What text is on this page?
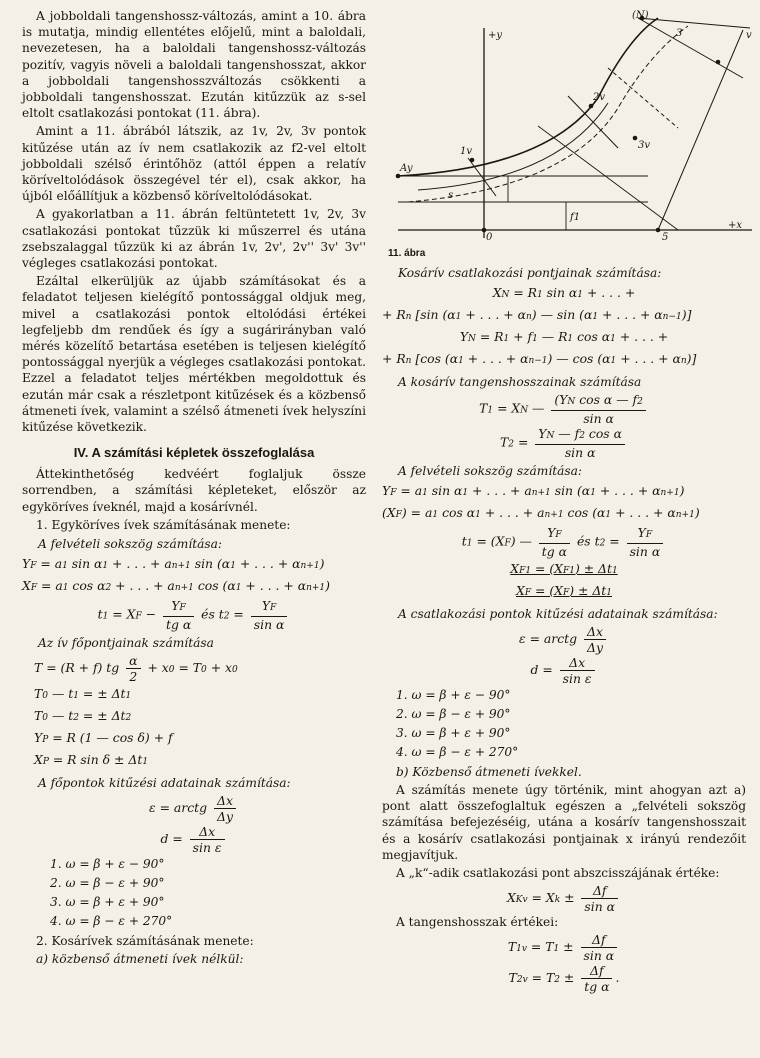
A jobboldali tangenshossz-változás, amint a 10. ábra is mutatja, mindig ellentétes előjelű, mint a baloldali, nevezetesen, ha a baloldali tangenshossz-változás pozitív, vagyis növeli a baloldali tangenshosszat, akkor a jobboldali tangenshosszváltozás csökkenti a jobboldali tangenshosszat. Ezután kitűzzük az s-sel eltolt csatlakozási pontokat (11. ábra).

Amint a 11. ábrából látszik, az 1v, 2v, 3v pontok kitűzése után az ív nem csatlakozik az f2-vel eltolt jobboldali szélső érintőhöz (attól éppen a relatív köríveltolódások összegével tér el), csak akkor, ha újból előállítjuk a közbenső köríveltolódásokat.

A gyakorlatban a 11. ábrán feltüntetett 1v, 2v, 3v csatlakozási pontokat tűzzük ki műszerrel és utána zsebszalaggal tűzzük ki az ábrán 1v, 2v', 2v'' 3v' 3v'' végleges csatlakozási pontokat.

Ezáltal elkerüljük az újabb számításokat és a feladatot teljesen kielégítő pontossággal oldjuk meg, mivel a csatlakozási pontok eltolódási értékei legfeljebb dm rendűek és így a sugárirányban való mérés közelítő betartása esetében is teljesen kielégítő pontossággal nyerjük a végleges csatlakozási pontokat. Ezzel a feladatot teljes mértékben megoldottuk és ezután már csak a részletpont kitűzések és a közbenső átmeneti ívek, valamint a szélső átmeneti ívek helyszíni kitűzése következik.

IV. A számítási képletek összefoglalása

Áttekinthetőség kedvéért foglaljuk össze sorrendben, a számítási képleteket, először az egyköríves íveknél, majd a kosárívnél.

1. Egyköríves ívek számításának menete:

A felvételi sokszög számítása:

YF = a1 sin α1 + . . . + an+1 sin (α1 + . . . + αn+1)
XF = a1 cos α2 + . . . + an+1 cos (α1 + . . . + αn+1)
t1 = XF − $\frac{YF}{\text{tg α}}$ és $t2 = \frac{YF}{\text{sin α}}$

Az ív főpontjainak számítása

T = (R + f) tg $\frac{\alpha}{2} + x0 = T0 + x0$
T0 — t1 = ± Δt1
T0 — t2 = ± Δt2
YP = R (1 — cos δ) + f
XP = R sin δ ± Δt1

A főpontok kitűzési adatainak számítása:

ε = arctg $\frac{\Delta x}{\Delta y}$
$d = \frac{\Delta x}{\text{sin ε}}$
1. ω = β + ε − 90°
2. ω = β − ε + 90°
3. ω = β + ε + 90°
4. ω = β − ε + 270°

2. Kosárívek számításának menete:

a) közbenső átmeneti ívek nélkül:

(N)
Ay
s
f1
0
+y
+x
3
5
1v
2v
3v
v
11. ábra

Kosárív csatlakozási pontjainak számítása:

XN = R1 sin α1 + . . . +
+ Rn [sin (α1 + . . . + αn) — sin (α1 + . . . + αn−1)]
YN = R1 + f1 — R1 cos α1 + . . . +
+ Rn [cos (α1 + . . . + αn−1) — cos (α1 + . . . + αn)]

A kosárív tangenshosszainak számítása

T1 = XN — $\frac{\text{(YN cos α — f2}}{\text{sin α}}$
$T2 = \frac{\text{YN — f2 cos α}}{\text{sin α}}$

A felvételi sokszög számítása:

YF = a1 sin α1 + . . . + an+1 sin (α1 + . . . + αn+1)
(XF) = a1 cos α1 + . . . + an+1 cos (α1 + . . . + αn+1)
t1 = (XF) — $\frac{YF}{\text{tg α}}$ és $t2 = \frac{YF}{\text{sin α}}$
XF1 = (XF1) ± Δt1
XF = (XF) ± Δt1

A csatlakozási pontok kitűzési adatainak számítása:

ε = arctg $\frac{\Delta x}{\Delta y}$
$d = \frac{\Delta x}{\text{sin ε}}$
1. ω = β + ε − 90°
2. ω = β − ε + 90°
3. ω = β + ε + 90°
4. ω = β − ε + 270°

b) Közbenső átmeneti ívekkel.

A számítás menete úgy történik, mint ahogyan azt a) pont alatt összefoglaltuk egészen a „felvételi sokszög számítása befejezéséig, utána a kosárív tangenshosszait és a kosárív csatlakozási pontjainak x irányú rendezőit megjavítjuk.

A „k“-adik csatlakozási pont abszcisszájának értéke:

XKv = $Xk \pm \frac{\Delta f}{\text{sin α}}$

A tangenshosszak értékei:

$T1v = T1 \pm \frac{\Delta f}{\text{sin α}}$
$T2v = T2 \pm \frac{\Delta f}{\text{tg α}}$ .
